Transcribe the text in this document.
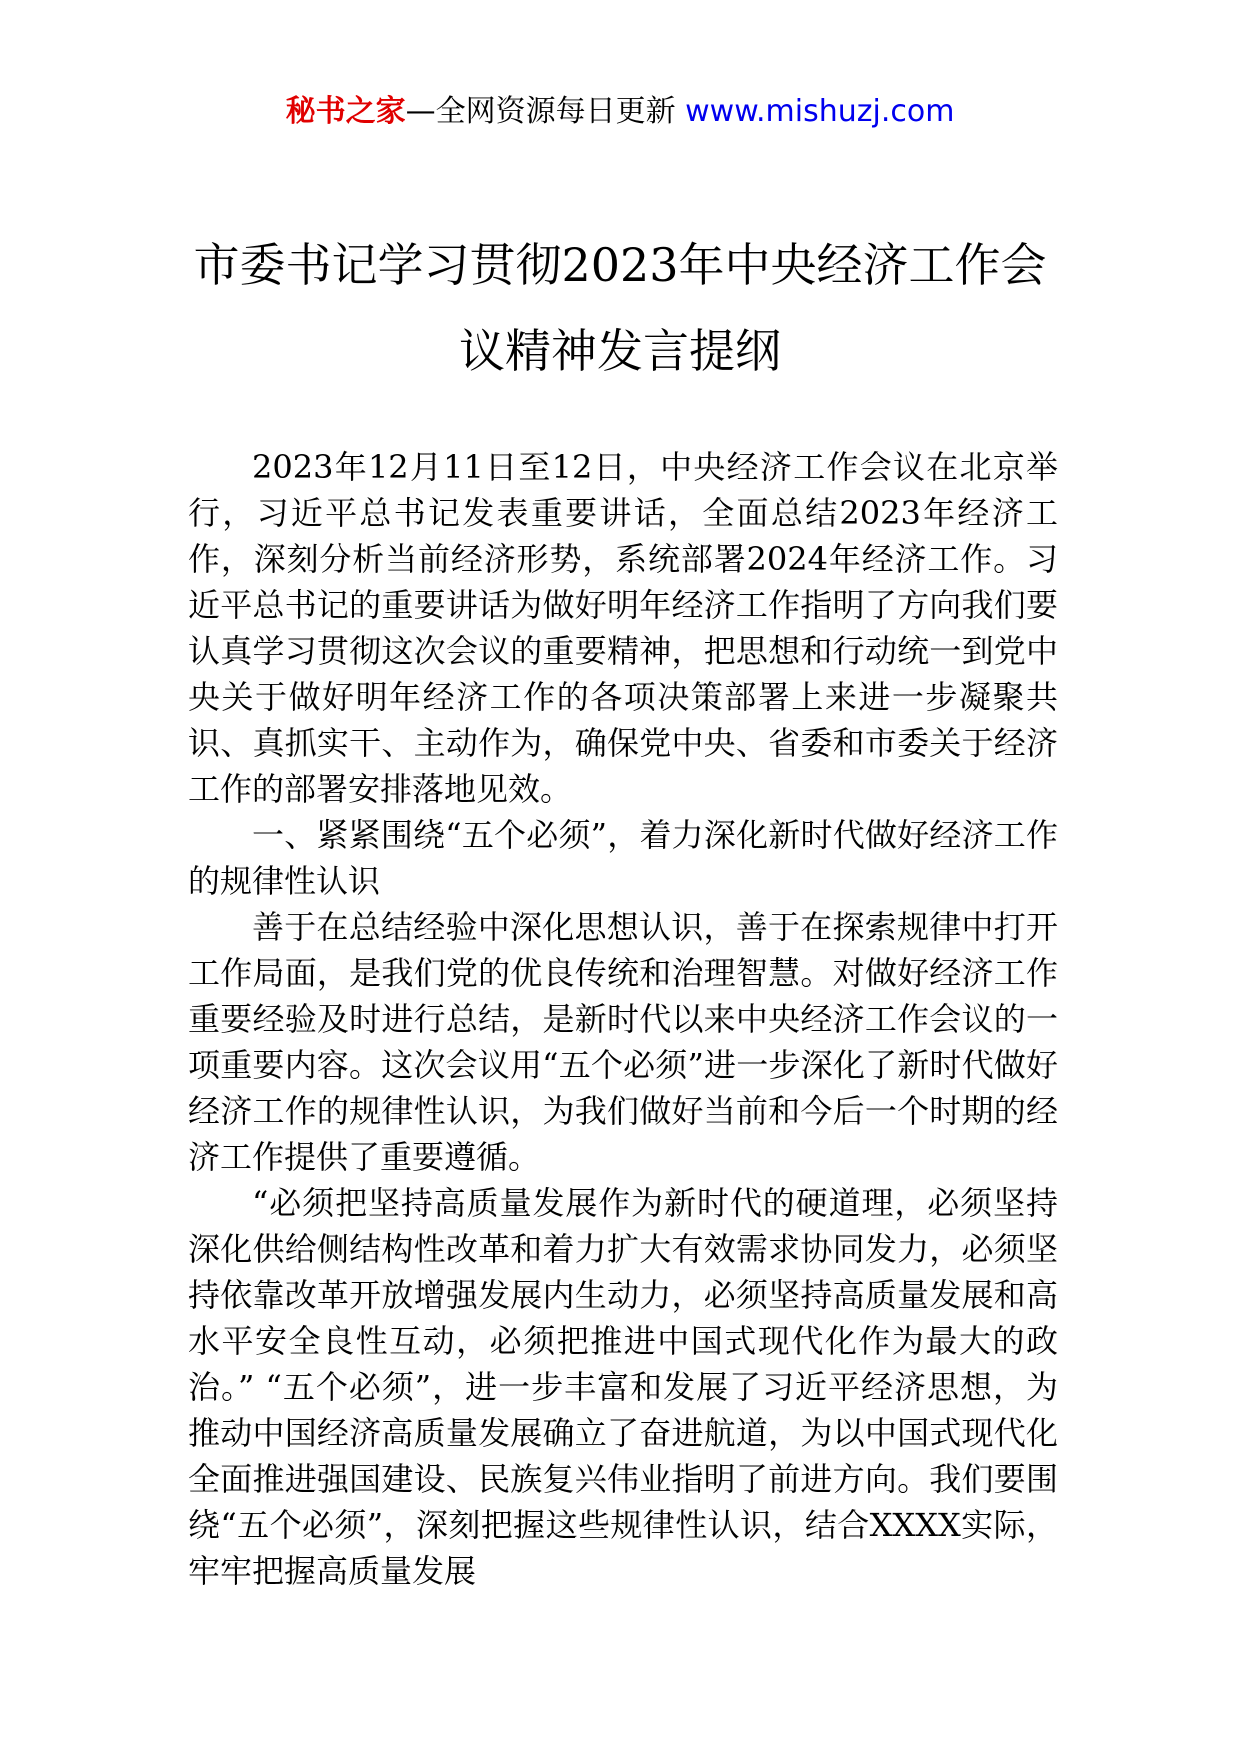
秘书之家—全网资源每日更新 www.mishuzj.com
市委书记学习贯彻2023年中央经济工作会
议精神发言提纲

2023年12月11日至12日，中央经济工作会议在北京举行，习近平总书记发表重要讲话，全面总结2023年经济工作，深刻分析当前经济形势，系统部署2024年经济工作。习近平总书记的重要讲话为做好明年经济工作指明了方向我们要认真学习贯彻这次会议的重要精神，把思想和行动统一到党中央关于做好明年经济工作的各项决策部署上来进一步凝聚共识、真抓实干、主动作为，确保党中央、省委和市委关于经济工作的部署安排落地见效。

一、紧紧围绕“五个必须”，着力深化新时代做好经济工作的规律性认识

善于在总结经验中深化思想认识，善于在探索规律中打开工作局面，是我们党的优良传统和治理智慧。对做好经济工作重要经验及时进行总结，是新时代以来中央经济工作会议的一项重要内容。这次会议用“五个必须”进一步深化了新时代做好经济工作的规律性认识，为我们做好当前和今后一个时期的经济工作提供了重要遵循。

“必须把坚持高质量发展作为新时代的硬道理，必须坚持深化供给侧结构性改革和着力扩大有效需求协同发力，必须坚持依靠改革开放增强发展内生动力，必须坚持高质量发展和高水平安全良性互动，必须把推进中国式现代化作为最大的政治。” “五个必须”，进一步丰富和发展了习近平经济思想，为推动中国经济高质量发展确立了奋进航道，为以中国式现代化全面推进强国建设、民族复兴伟业指明了前进方向。我们要围绕“五个必须”，深刻把握这些规律性认识，结合XXXX实际，牢牢把握高质量发展
